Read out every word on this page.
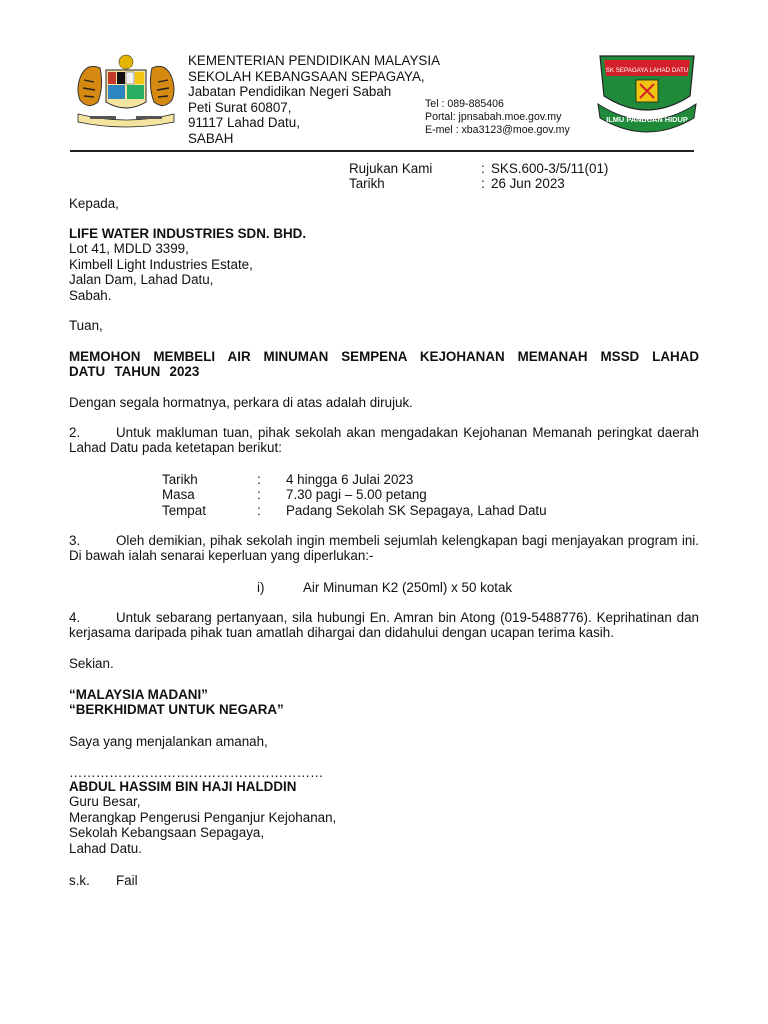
KEMENTERIAN PENDIDIKAN MALAYSIA
SEKOLAH KEBANGSAAN SEPAGAYA,
Jabatan Pendidikan Negeri Sabah
Peti Surat 60807,
91117 Lahad Datu,
SABAH
Tel : 089-885406
Portal: jpnsabah.moe.gov.my
E-mel : xba3123@moe.gov.my
SK SEPAGAYA LAHAD DATU
ILMU PANDUAN HIDUP
Rujukan Kami	: SKS.600-3/5/11(01)
Tarikh	: 26 Jun 2023
Kepada,
LIFE WATER INDUSTRIES SDN. BHD.
Lot 41, MDLD 3399,
Kimbell Light Industries Estate,
Jalan Dam, Lahad Datu,
Sabah.
Tuan,
MEMOHON MEMBELI AIR MINUMAN SEMPENA KEJOHANAN MEMANAH MSSD LAHAD DATU TAHUN 2023
Dengan segala hormatnya, perkara di atas adalah dirujuk.
2.	Untuk makluman tuan, pihak sekolah akan mengadakan Kejohanan Memanah peringkat daerah Lahad Datu pada ketetapan berikut:
Tarikh	:	4 hingga 6 Julai 2023
Masa	:	7.30 pagi – 5.00 petang
Tempat	:	Padang Sekolah SK Sepagaya, Lahad Datu
3.	Oleh demikian, pihak sekolah ingin membeli sejumlah kelengkapan bagi menjayakan program ini. Di bawah ialah senarai keperluan yang diperlukan:-
i)	Air Minuman K2 (250ml) x 50 kotak
4.	Untuk sebarang pertanyaan, sila hubungi En. Amran bin Atong (019-5488776). Keprihatinan dan kerjasama daripada pihak tuan amatlah dihargai dan didahului dengan ucapan terima kasih.
Sekian.
“MALAYSIA MADANI”
“BERKHIDMAT UNTUK NEGARA”
Saya yang menjalankan amanah,
…………………………………………………
ABDUL HASSIM BIN HAJI HALDDIN
Guru Besar,
Merangkap Pengerusi Penganjur Kejohanan,
Sekolah Kebangsaan Sepagaya,
Lahad Datu.
s.k. Fail
